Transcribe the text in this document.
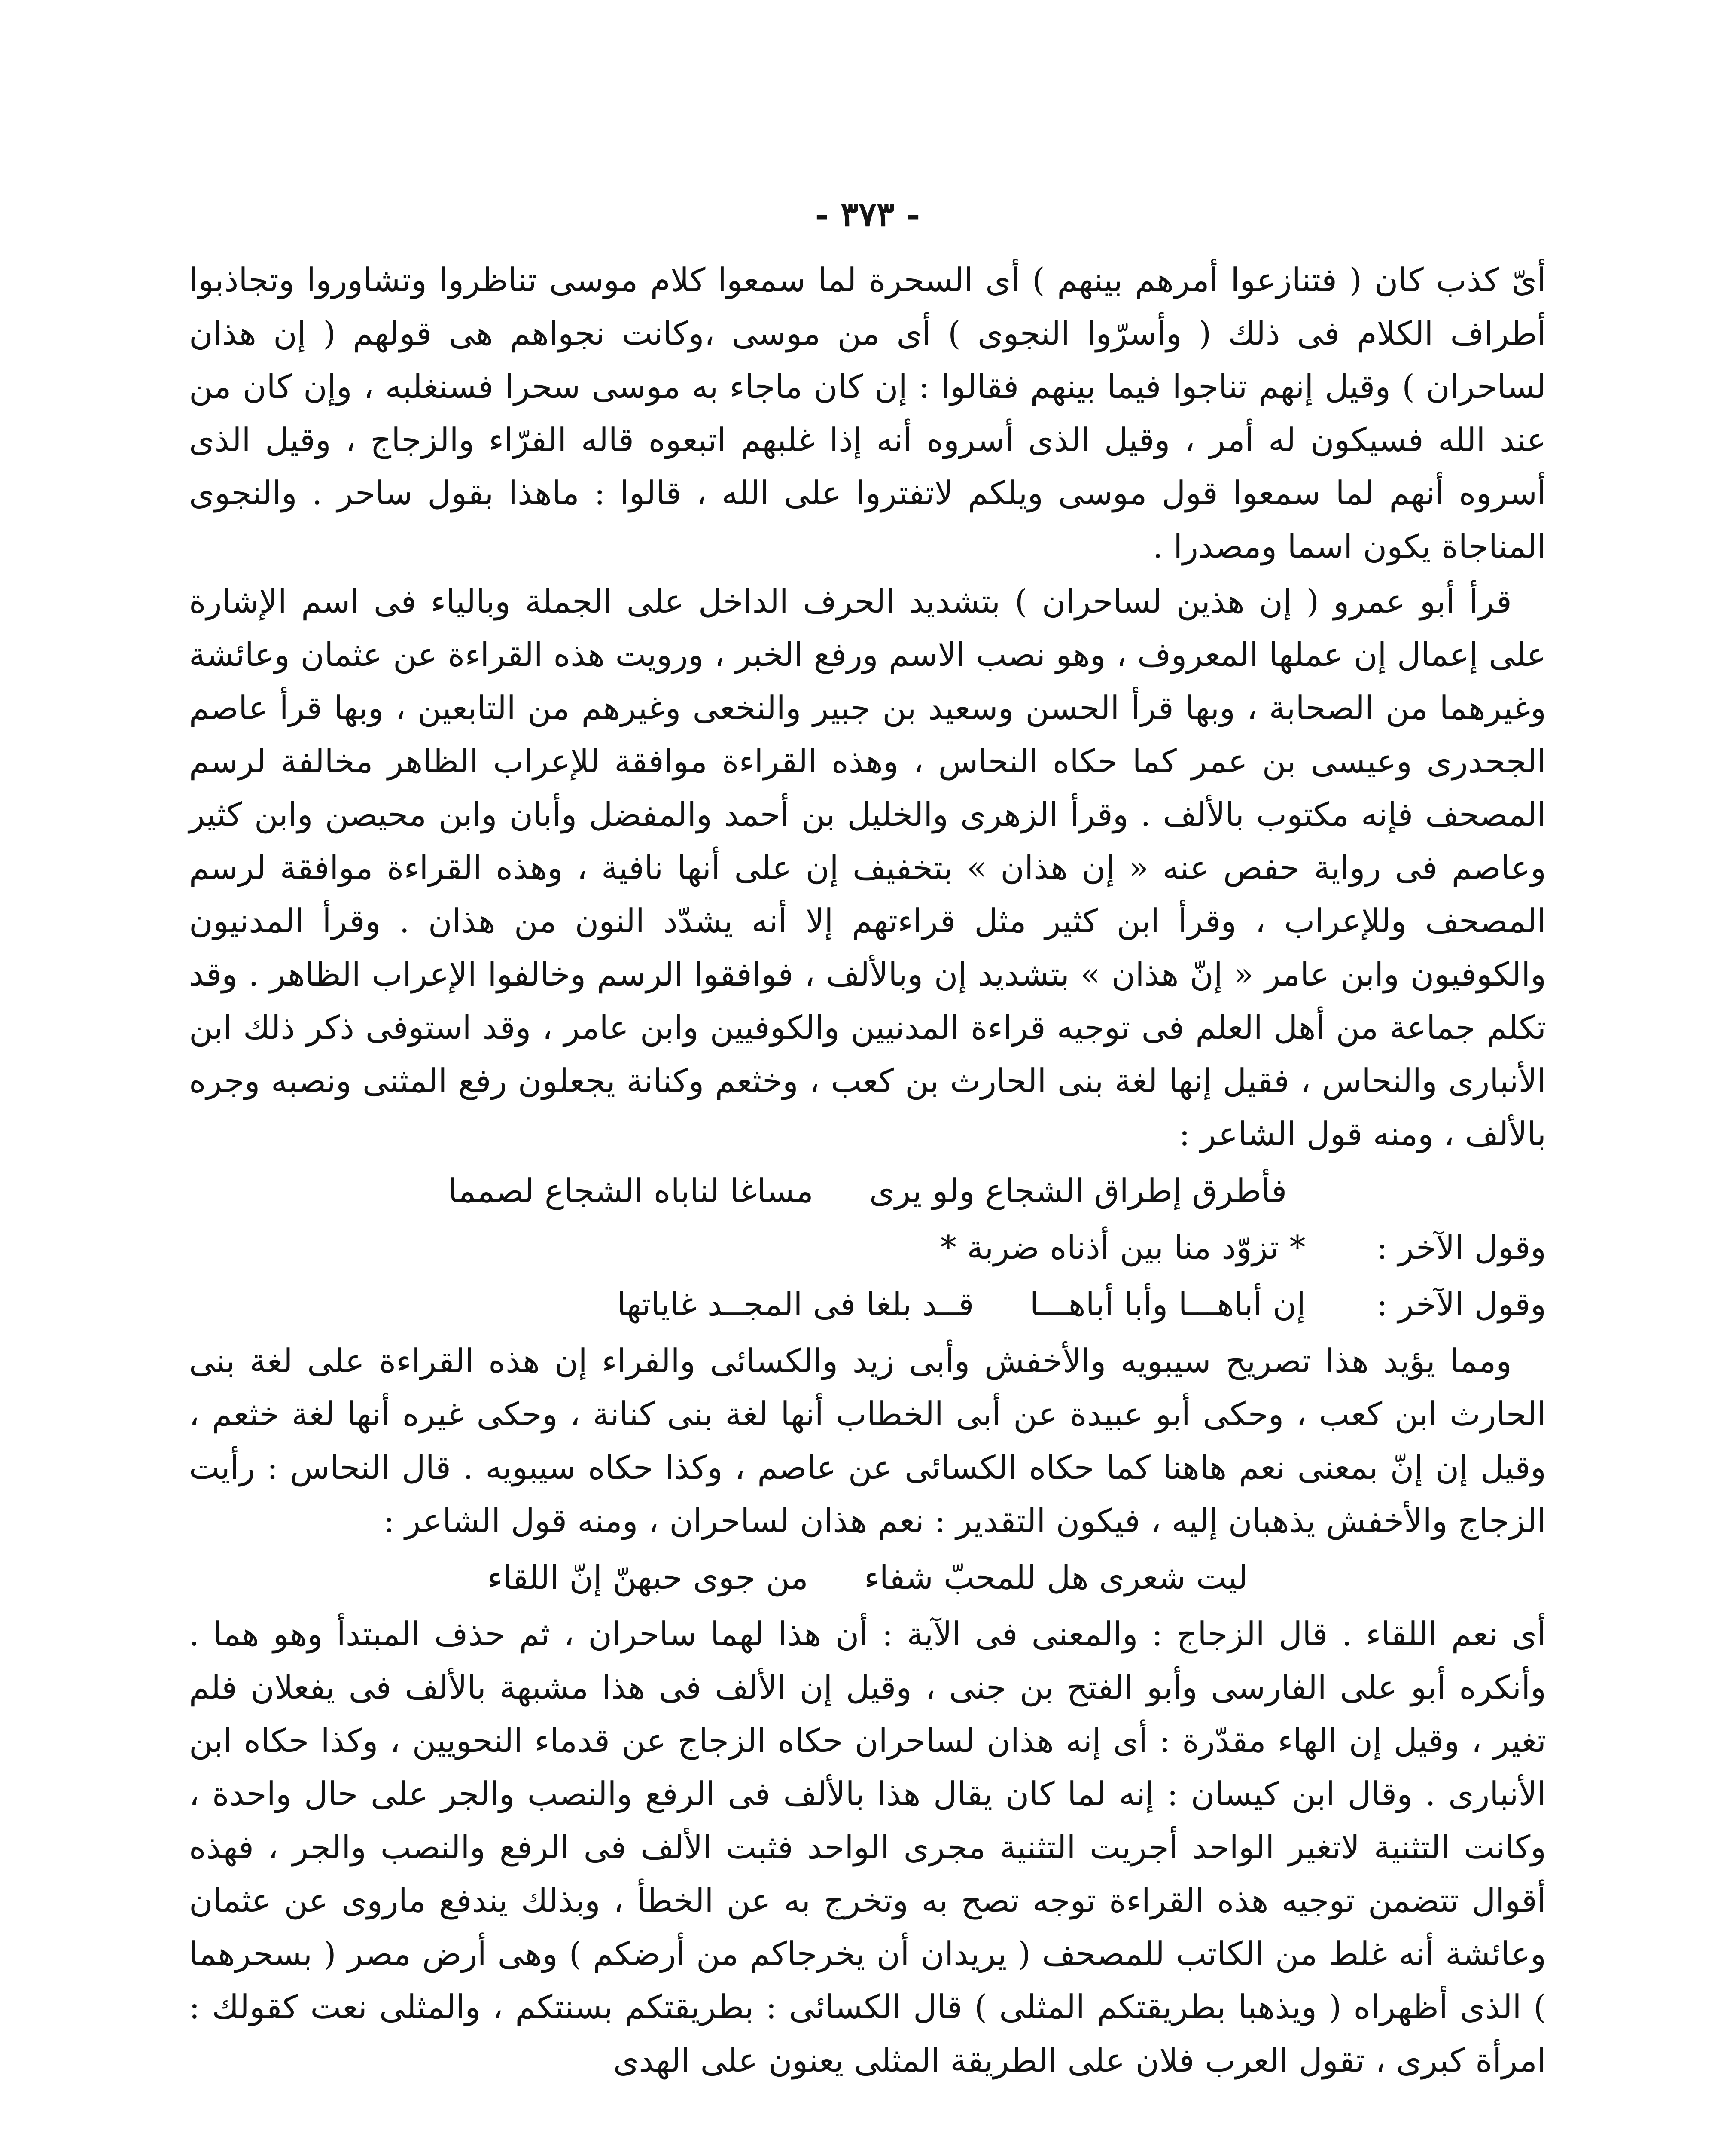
- ٣٧٣ -

أىّ كذب كان ( فتنازعوا أمرهم بينهم ) أى السحرة لما سمعوا كلام موسى تناظروا وتشاوروا وتجاذبوا أطراف الكلام فى ذلك ( وأسرّوا النجوى ) أى من موسى ،وكانت نجواهم هى قولهم ( إن هذان لساحران ) وقيل إنهم تناجوا فيما بينهم فقالوا : إن كان ماجاء به موسى سحرا فسنغلبه ، وإن كان من عند الله فسيكون له أمر ، وقيل الذى أسروه أنه إذا غلبهم اتبعوه قاله الفرّاء والزجاج ، وقيل الذى أسروه أنهم لما سمعوا قول موسى ويلكم لاتفتروا على الله ، قالوا : ماهذا بقول ساحر . والنجوى المناجاة يكون اسما ومصدرا .

قرأ أبو عمرو ( إن هذين لساحران ) بتشديد الحرف الداخل على الجملة وبالياء فى اسم الإشارة على إعمال إن عملها المعروف ، وهو نصب الاسم ورفع الخبر ، ورويت هذه القراءة عن عثمان وعائشة وغيرهما من الصحابة ، وبها قرأ الحسن وسعيد بن جبير والنخعى وغيرهم من التابعين ، وبها قرأ عاصم الجحدرى وعيسى بن عمر كما حكاه النحاس ، وهذه القراءة موافقة للإعراب الظاهر مخالفة لرسم المصحف فإنه مكتوب بالألف . وقرأ الزهرى والخليل بن أحمد والمفضل وأبان وابن محيصن وابن كثير وعاصم فى رواية حفص عنه « إن هذان » بتخفيف إن على أنها نافية ، وهذه القراءة موافقة لرسم المصحف وللإعراب ، وقرأ ابن كثير مثل قراءتهم إلا أنه يشدّد النون من هذان . وقرأ المدنيون والكوفيون وابن عامر « إنّ هذان » بتشديد إن وبالألف ، فوافقوا الرسم وخالفوا الإعراب الظاهر . وقد تكلم جماعة من أهل العلم فى توجيه قراءة المدنيين والكوفيين وابن عامر ، وقد استوفى ذكر ذلك ابن الأنبارى والنحاس ، فقيل إنها لغة بنى الحارث بن كعب ، وخثعم وكنانة يجعلون رفع المثنى ونصبه وجره بالألف ، ومنه قول الشاعر :

فأطرق إطراق الشجاع ولو يرى
مساغا لناباه الشجاع لصمما
وقول الآخر :
* تزوّد منا بين أذناه ضربة *
وقول الآخر :
إن أباهـــا وأبا أباهـــا
قــد بلغا فى المجــد غاياتها

ومما يؤيد هذا تصريح سيبويه والأخفش وأبى زيد والكسائى والفراء إن هذه القراءة على لغة بنى الحارث ابن كعب ، وحكى أبو عبيدة عن أبى الخطاب أنها لغة بنى كنانة ، وحكى غيره أنها لغة خثعم ، وقيل إن إنّ بمعنى نعم هاهنا كما حكاه الكسائى عن عاصم ، وكذا حكاه سيبويه . قال النحاس : رأيت الزجاج والأخفش يذهبان إليه ، فيكون التقدير : نعم هذان لساحران ، ومنه قول الشاعر :

ليت شعرى هل للمحبّ شفاء
من جوى حبهنّ إنّ اللقاء

أى نعم اللقاء . قال الزجاج : والمعنى فى الآية : أن هذا لهما ساحران ، ثم حذف المبتدأ وهو هما . وأنكره أبو على الفارسى وأبو الفتح بن جنى ، وقيل إن الألف فى هذا مشبهة بالألف فى يفعلان فلم تغير ، وقيل إن الهاء مقدّرة : أى إنه هذان لساحران حكاه الزجاج عن قدماء النحويين ، وكذا حكاه ابن الأنبارى . وقال ابن كيسان : إنه لما كان يقال هذا بالألف فى الرفع والنصب والجر على حال واحدة ، وكانت التثنية لاتغير الواحد أجريت التثنية مجرى الواحد فثبت الألف فى الرفع والنصب والجر ، فهذه أقوال تتضمن توجيه هذه القراءة توجه تصح به وتخرج به عن الخطأ ، وبذلك يندفع ماروى عن عثمان وعائشة أنه غلط من الكاتب للمصحف ( يريدان أن يخرجاكم من أرضكم ) وهى أرض مصر ( بسحرهما ) الذى أظهراه ( ويذهبا بطريقتكم المثلى ) قال الكسائى : بطريقتكم بسنتكم ، والمثلى نعت كقولك : امرأة كبرى ، تقول العرب فلان على الطريقة المثلى يعنون على الهدى
